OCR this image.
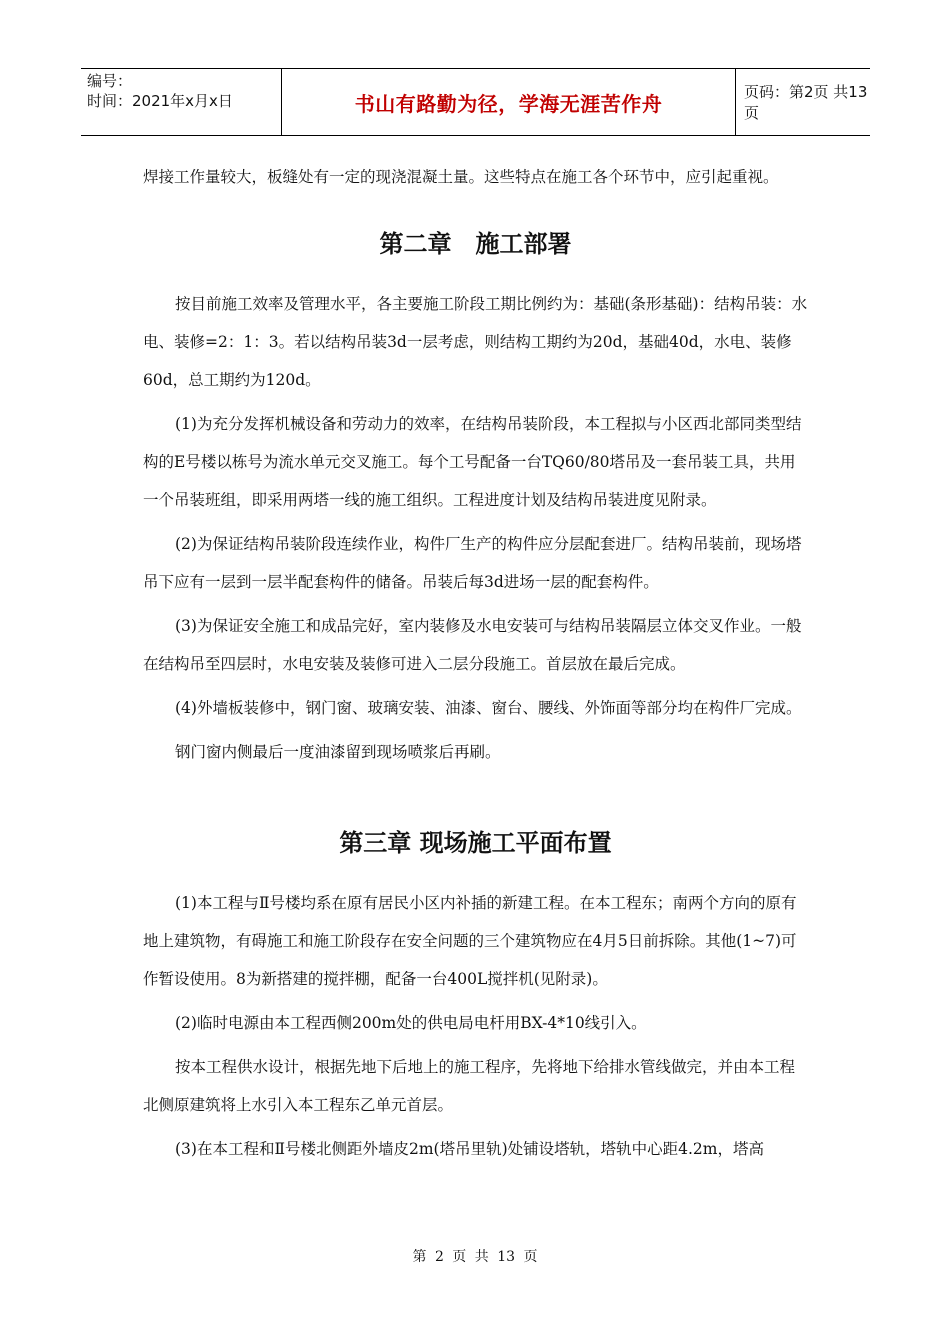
编号：
时间：2021年x月x日	书山有路勤为径，学海无涯苦作舟	页码：第2页 共13页

焊接工作量较大，板缝处有一定的现浇混凝土量。这些特点在施工各个环节中，应引起重视。

第二章　施工部署

按目前施工效率及管理水平，各主要施工阶段工期比例约为：基础(条形基础)：结构吊装：水电、装修=2：1：3。若以结构吊装3d一层考虑，则结构工期约为20d，基础40d，水电、装修60d，总工期约为120d。

(1)为充分发挥机械设备和劳动力的效率，在结构吊装阶段，本工程拟与小区西北部同类型结构的E号楼以栋号为流水单元交叉施工。每个工号配备一台TQ60/80塔吊及一套吊装工具，共用一个吊装班组，即采用两塔一线的施工组织。工程进度计划及结构吊装进度见附录。

(2)为保证结构吊装阶段连续作业，构件厂生产的构件应分层配套进厂。结构吊装前，现场塔吊下应有一层到一层半配套构件的储备。吊装后每3d进场一层的配套构件。

(3)为保证安全施工和成品完好，室内装修及水电安装可与结构吊装隔层立体交叉作业。一般在结构吊至四层时，水电安装及装修可进入二层分段施工。首层放在最后完成。

(4)外墙板装修中，钢门窗、玻璃安装、油漆、窗台、腰线、外饰面等部分均在构件厂完成。

钢门窗内侧最后一度油漆留到现场喷浆后再刷。

第三章 现场施工平面布置

(1)本工程与Ⅱ号楼均系在原有居民小区内补插的新建工程。在本工程东；南两个方向的原有地上建筑物，有碍施工和施工阶段存在安全问题的三个建筑物应在4月5日前拆除。其他(1~7)可作暂设使用。8为新搭建的搅拌棚，配备一台400L搅拌机(见附录)。

(2)临时电源由本工程西侧200m处的供电局电杆用BX-4*10线引入。

按本工程供水设计，根据先地下后地上的施工程序，先将地下给排水管线做完，并由本工程北侧原建筑将上水引入本工程东乙单元首层。

(3)在本工程和Ⅱ号楼北侧距外墙皮2m(塔吊里轨)处铺设塔轨，塔轨中心距4.2m，塔高

第 2 页 共 13 页
